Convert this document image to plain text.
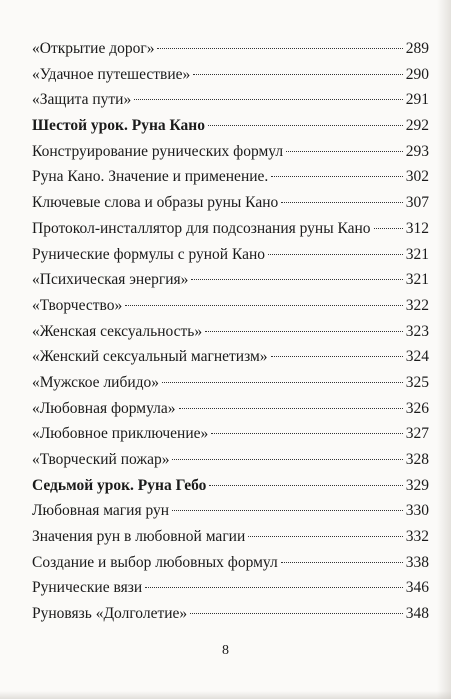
«Открытие дорог»	289
«Удачное путешествие»	290
«Защита пути»	291
Шестой урок. Руна Кано	292
Конструирование рунических формул	293
Руна Кано. Значение и применение.	302
Ключевые слова и образы руны Кано	307
Протокол-инсталлятор для подсознания руны Кано 312
Рунические формулы с руной Кано	321
«Психическая энергия»	321
«Творчество»	322
«Женская сексуальность»	323
«Женский сексуальный магнетизм»	324
«Мужское либидо»	325
«Любовная формула»	326
«Любовное приключение»	327
«Творческий пожар»	328
Седьмой урок. Руна Гебо	329
Любовная магия рун	330
Значения рун в любовной магии	332
Создание и выбор любовных формул	338
Рунические вязи	346
Руновязь «Долголетие»	348
8
